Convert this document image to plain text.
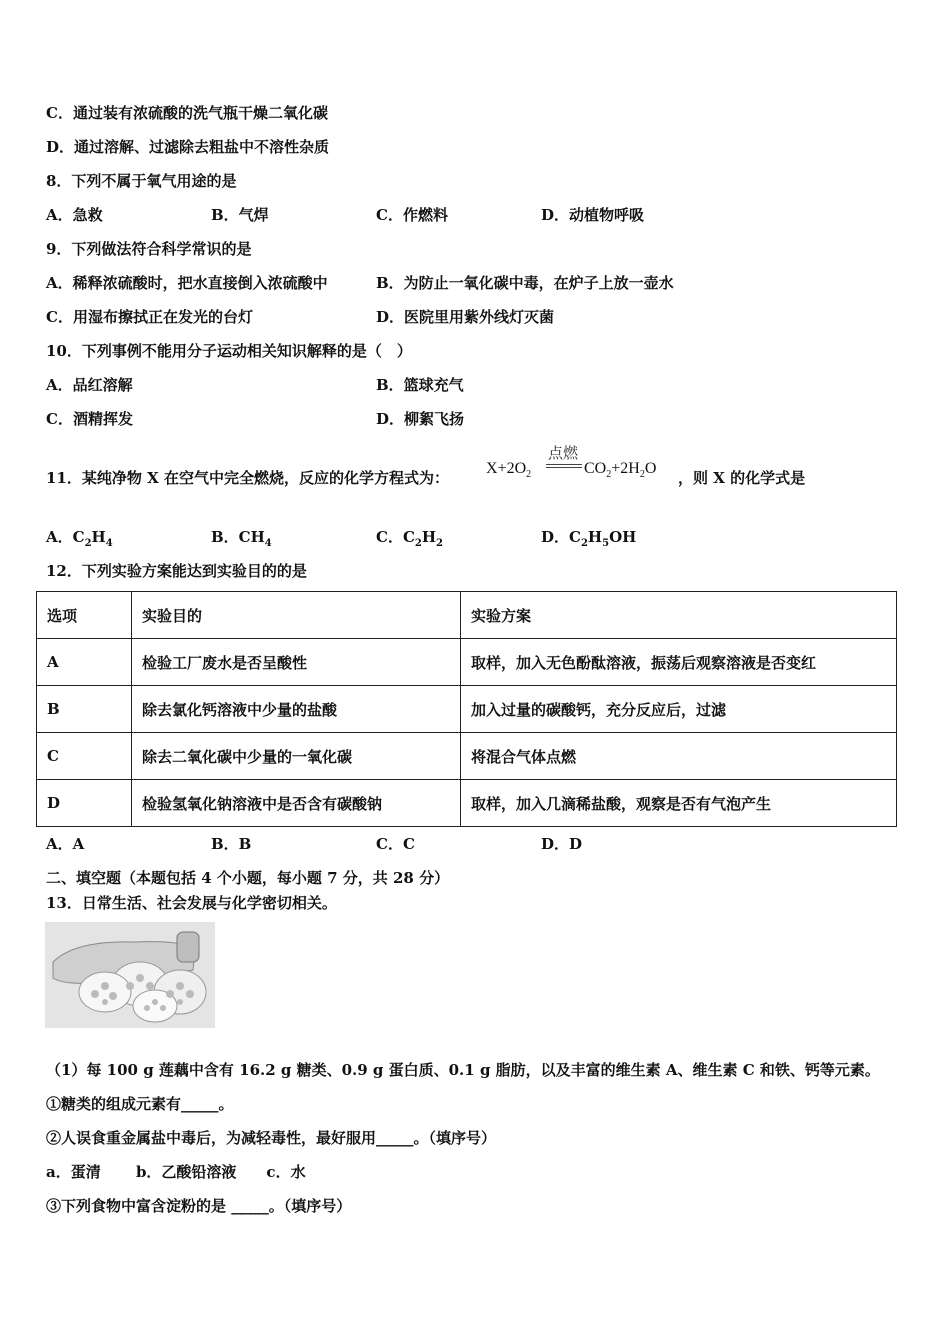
C．通过装有浓硫酸的洗气瓶干燥二氧化碳
D．通过溶解、过滤除去粗盐中不溶性杂质
8．下列不属于氧气用途的是
A．急救	B．气焊	C．作燃料	D．动植物呼吸
9．下列做法符合科学常识的是
A．稀释浓硫酸时，把水直接倒入浓硫酸中	B．为防止一氧化碳中毒，在炉子上放一壶水
C．用湿布擦拭正在发光的台灯	D．医院里用紫外线灯灭菌
10．下列事例不能用分子运动相关知识解释的是（　）
A．品红溶解	B．篮球充气
C．酒精挥发	D．柳絮飞扬
11．某纯净物 X 在空气中完全燃烧，反应的化学方程式为：
$X+2O_2$
点燃
$CO_2+2H_2O$
，则 X 的化学式是
A．$C_2H_4$	B．$CH_4$	C．$C_2H_2$	D．$C_2H_5OH$
12．下列实验方案能达到实验目的的是
选项	实验目的	实验方案
A	检验工厂废水是否呈酸性	取样，加入无色酚酞溶液，振荡后观察溶液是否变红
B	除去氯化钙溶液中少量的盐酸	加入过量的碳酸钙，充分反应后，过滤
C	除去二氧化碳中少量的一氧化碳	将混合气体点燃
D	检验氢氧化钠溶液中是否含有碳酸钠	取样，加入几滴稀盐酸，观察是否有气泡产生
A．A	B．B	C．C	D．D
二、填空题（本题包括 4 个小题，每小题 7 分，共 28 分）
13．日常生活、社会发展与化学密切相关。
（1）每 100 g 莲藕中含有 16.2 g 糖类、0.9 g 蛋白质、0.1 g 脂肪，以及丰富的维生素 A、维生素 C 和铁、钙等元素。
①糖类的组成元素有_____。
②人误食重金属盐中毒后，为减轻毒性，最好服用_____。（填序号）
a．蛋清　　 b．乙酸铅溶液　　c．水
③下列食物中富含淀粉的是 _____。（填序号）
